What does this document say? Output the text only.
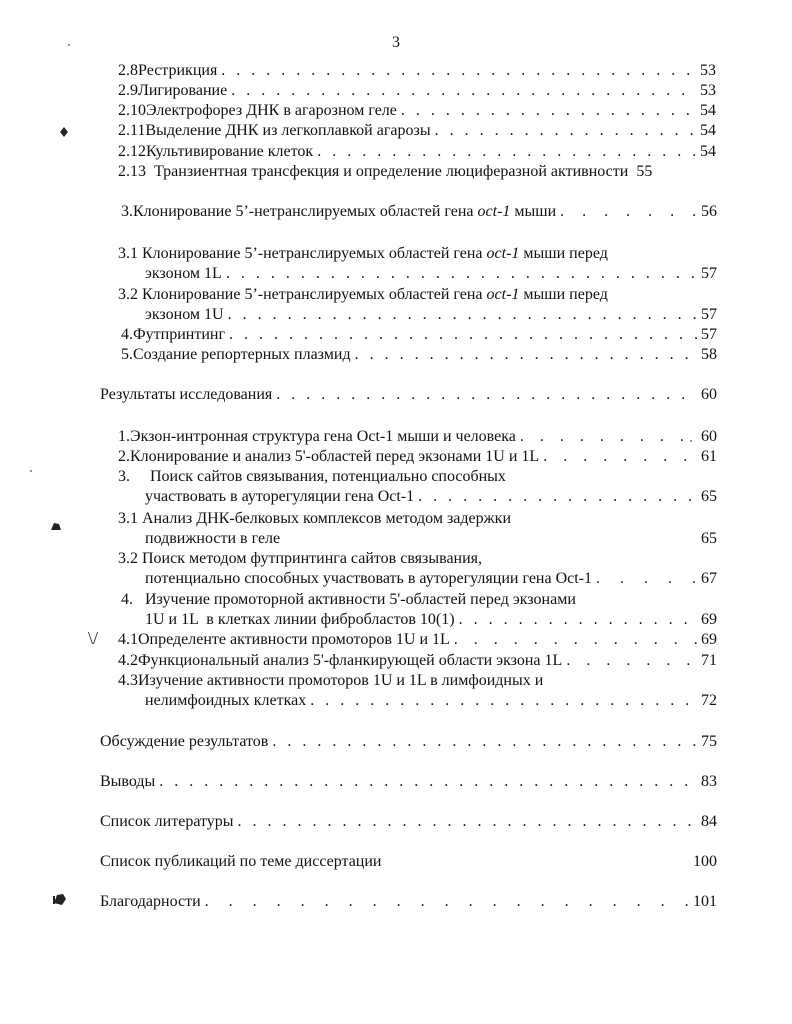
3
2.8 Рестрикция . . .	53
2.9 Лигирование . . .	53
2.10 Электрофорез ДНК в агарозном геле . . .	54
2.11 Выделение ДНК из легкоплавкой агарозы . . .	54
2.12 Культивирование клеток . . .	54
2.13 Транзиентная трансфекция и определение люциферазной активности 55
3. Клонирование 5’-нетранслируемых областей гена oct-1 мыши . . .	56
3.1 Клонирование 5’-нетранслируемых областей гена oct-1 мыши перед
экзоном 1L . . .	57
3.2 Клонирование 5’-нетранслируемых областей гена oct-1 мыши перед
экзоном 1U . . .	57
4. Футпринтинг . . .	57
5. Создание репортерных плазмид . . .	58
Результаты исследования . . .	60
1. Экзон-интронная структура гена Oct-1 мыши и человека . . .	60
2. Клонирование и анализ 5'-областей перед экзонами 1U и 1L . . .	61
3. Поиск сайтов связывания, потенциально способных
участвовать в ауторегуляции гена Oct-1 . . .	65
3.1 Анализ ДНК-белковых комплексов методом задержки
подвижности в геле	65
3.2 Поиск методом футпринтинга сайтов связывания,
потенциально способных участвовать в ауторегуляции гена Oct-1 . . .	67
4. Изучение промоторной активности 5'-областей перед экзонами
1U и 1L  в клетках линии фибробластов 10(1) . . .	69
4.1 Определенте активности промоторов 1U и 1L . . .	69
4.2 Функциональный анализ 5'-фланкирующей области экзона 1L . . .	71
4.3Изучение активности промоторов 1U и 1L в лимфоидных и
нелимфоидных клетках . . .	72
Обсуждение результатов . . .	75
Выводы . . .	83
Список литературы . . .	84
Список публикаций по теме диссертации	100
Благодарности . . .	101
\/
